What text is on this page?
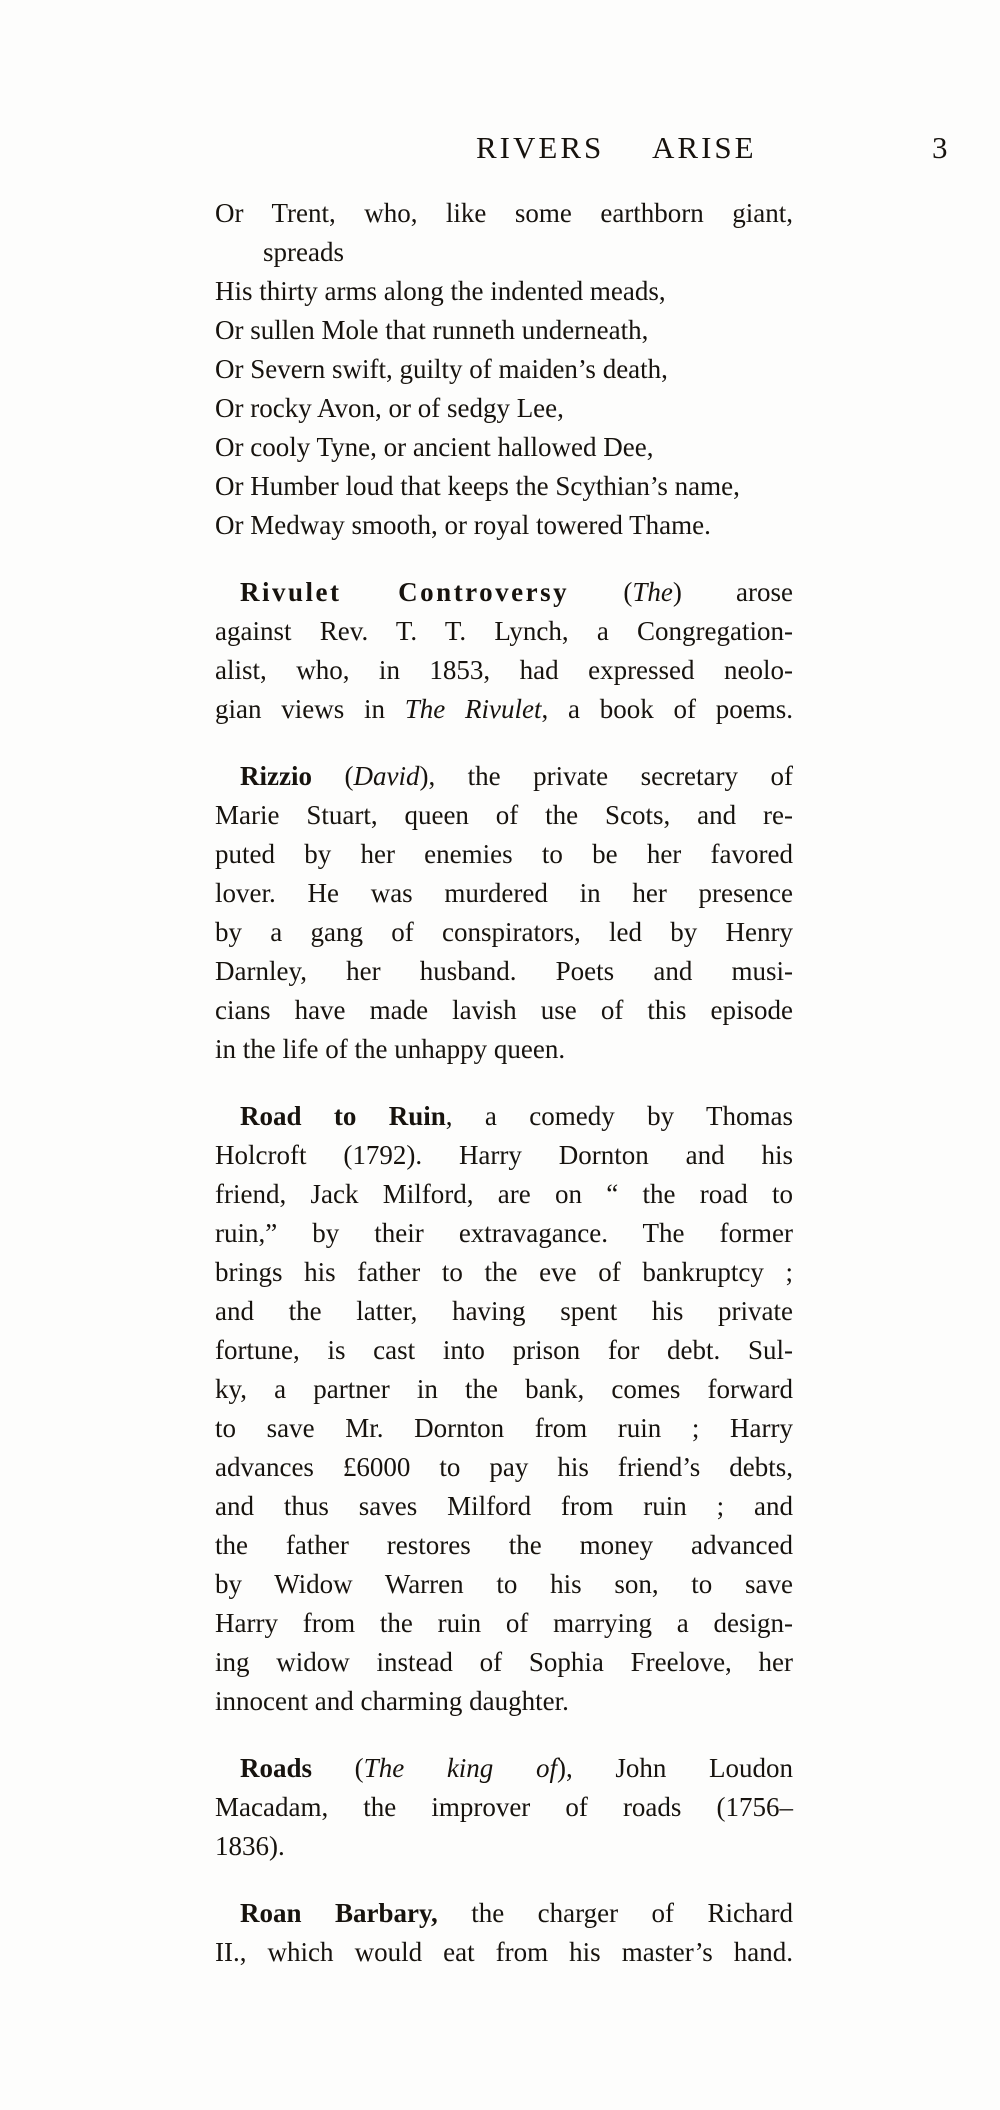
RIVERS  ARISE	3
Or Trent, who, like some earthborn giant,
spreads
His thirty arms along the indented meads,
Or sullen Mole that runneth underneath,
Or Severn swift, guilty of maiden’s death,
Or rocky Avon, or of sedgy Lee,
Or cooly Tyne, or ancient hallowed Dee,
Or Humber loud that keeps the Scythian’s name,
Or Medway smooth, or royal towered Thame.
Rivulet Controversy (The) arose
against Rev. T. T. Lynch, a Congregation-
alist, who, in 1853, had expressed neolo-
gian views in The Rivulet, a book of poems.
Rizzio (David), the private secretary of
Marie Stuart, queen of the Scots, and re-
puted by her enemies to be her favored
lover. He was murdered in her presence
by a gang of conspirators, led by Henry
Darnley, her husband. Poets and musi-
cians have made lavish use of this episode
in the life of the unhappy queen.
Road to Ruin, a comedy by Thomas
Holcroft (1792). Harry Dornton and his
friend, Jack Milford, are on “ the road to
ruin,” by their extravagance. The former
brings his father to the eve of bankruptcy ;
and the latter, having spent his private
fortune, is cast into prison for debt. Sul-
ky, a partner in the bank, comes forward
to save Mr. Dornton from ruin ; Harry
advances £6000 to pay his friend’s debts,
and thus saves Milford from ruin ; and
the father restores the money advanced
by Widow Warren to his son, to save
Harry from the ruin of marrying a design-
ing widow instead of Sophia Freelove, her
innocent and charming daughter.
Roads (The king of), John Loudon
Macadam, the improver of roads (1756–
1836).
Roan Barbary, the charger of Richard
II., which would eat from his master’s hand.
